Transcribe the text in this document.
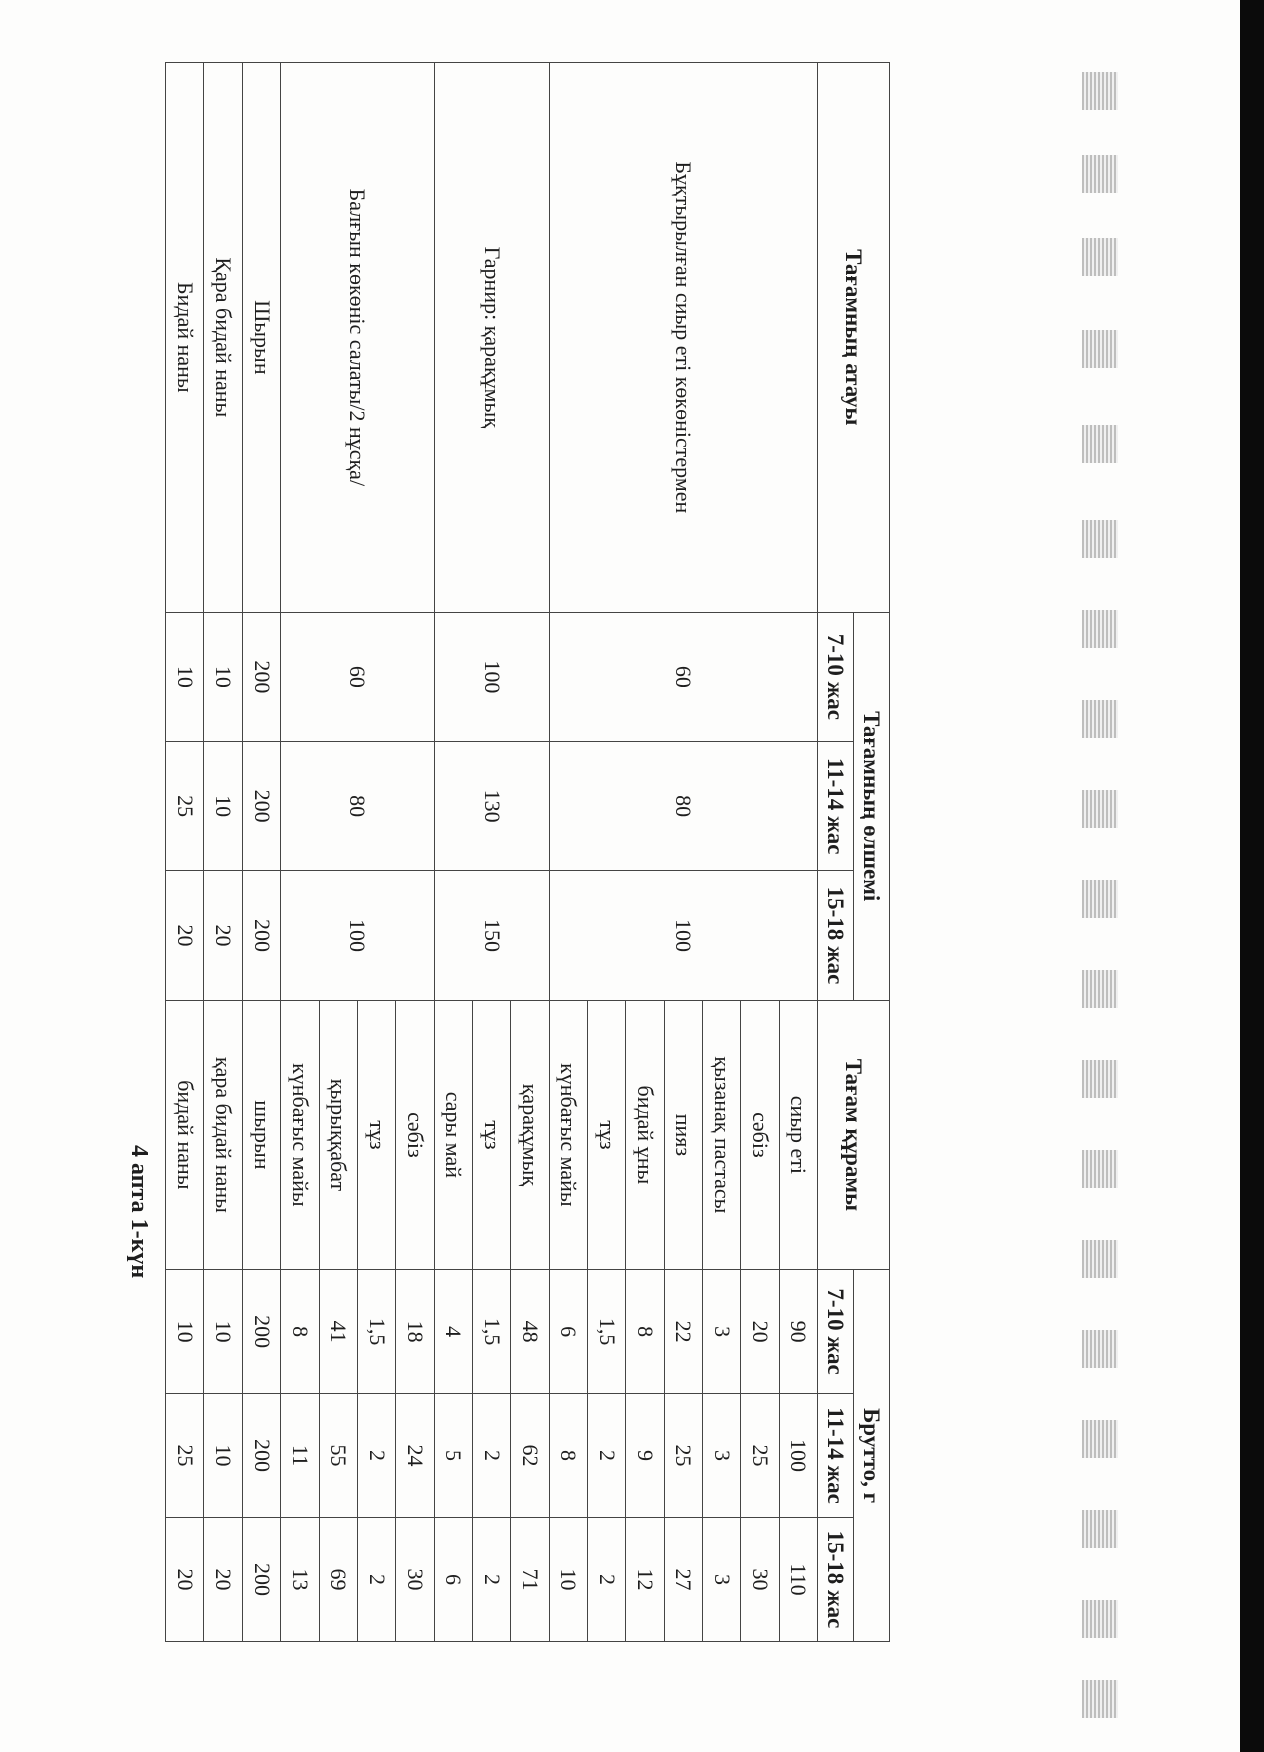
4 апта 1-күн
Тағамның атауы	Тағамның өлшемі			Тағам құрамы	Брутто, г		
	7-10 жас	11-14 жас	15-18 жас		7-10 жас	11-14 жас	15-18 жас
Бұқтырылған сиыр еті көкөністермен	60	80	100	сиыр еті	90	100	110
				сәбіз	20	25	30
				қызанақ пастасы	3	3	3
				пияз	22	25	27
				бидай ұны	8	9	12
				тұз	1,5	2	2
				күнбағыс майы	6	8	10
Гарнир: қарақұмық	100	130	150	қарақұмық	48	62	71
				тұз	1,5	2	2
				сары май	4	5	6
Балғын көкөніс салаты/2 нұсқа/	60	80	100	сәбіз	18	24	30
				тұз	1,5	2	2
				қырыққабат	41	55	69
				күнбағыс майы	8	11	13
Шырын	200	200	200	шырын	200	200	200
Қара бидай наны	10	10	20	қара бидай наны	10	10	20
Бидай наны	10	25	20	бидай наны	10	25	20
